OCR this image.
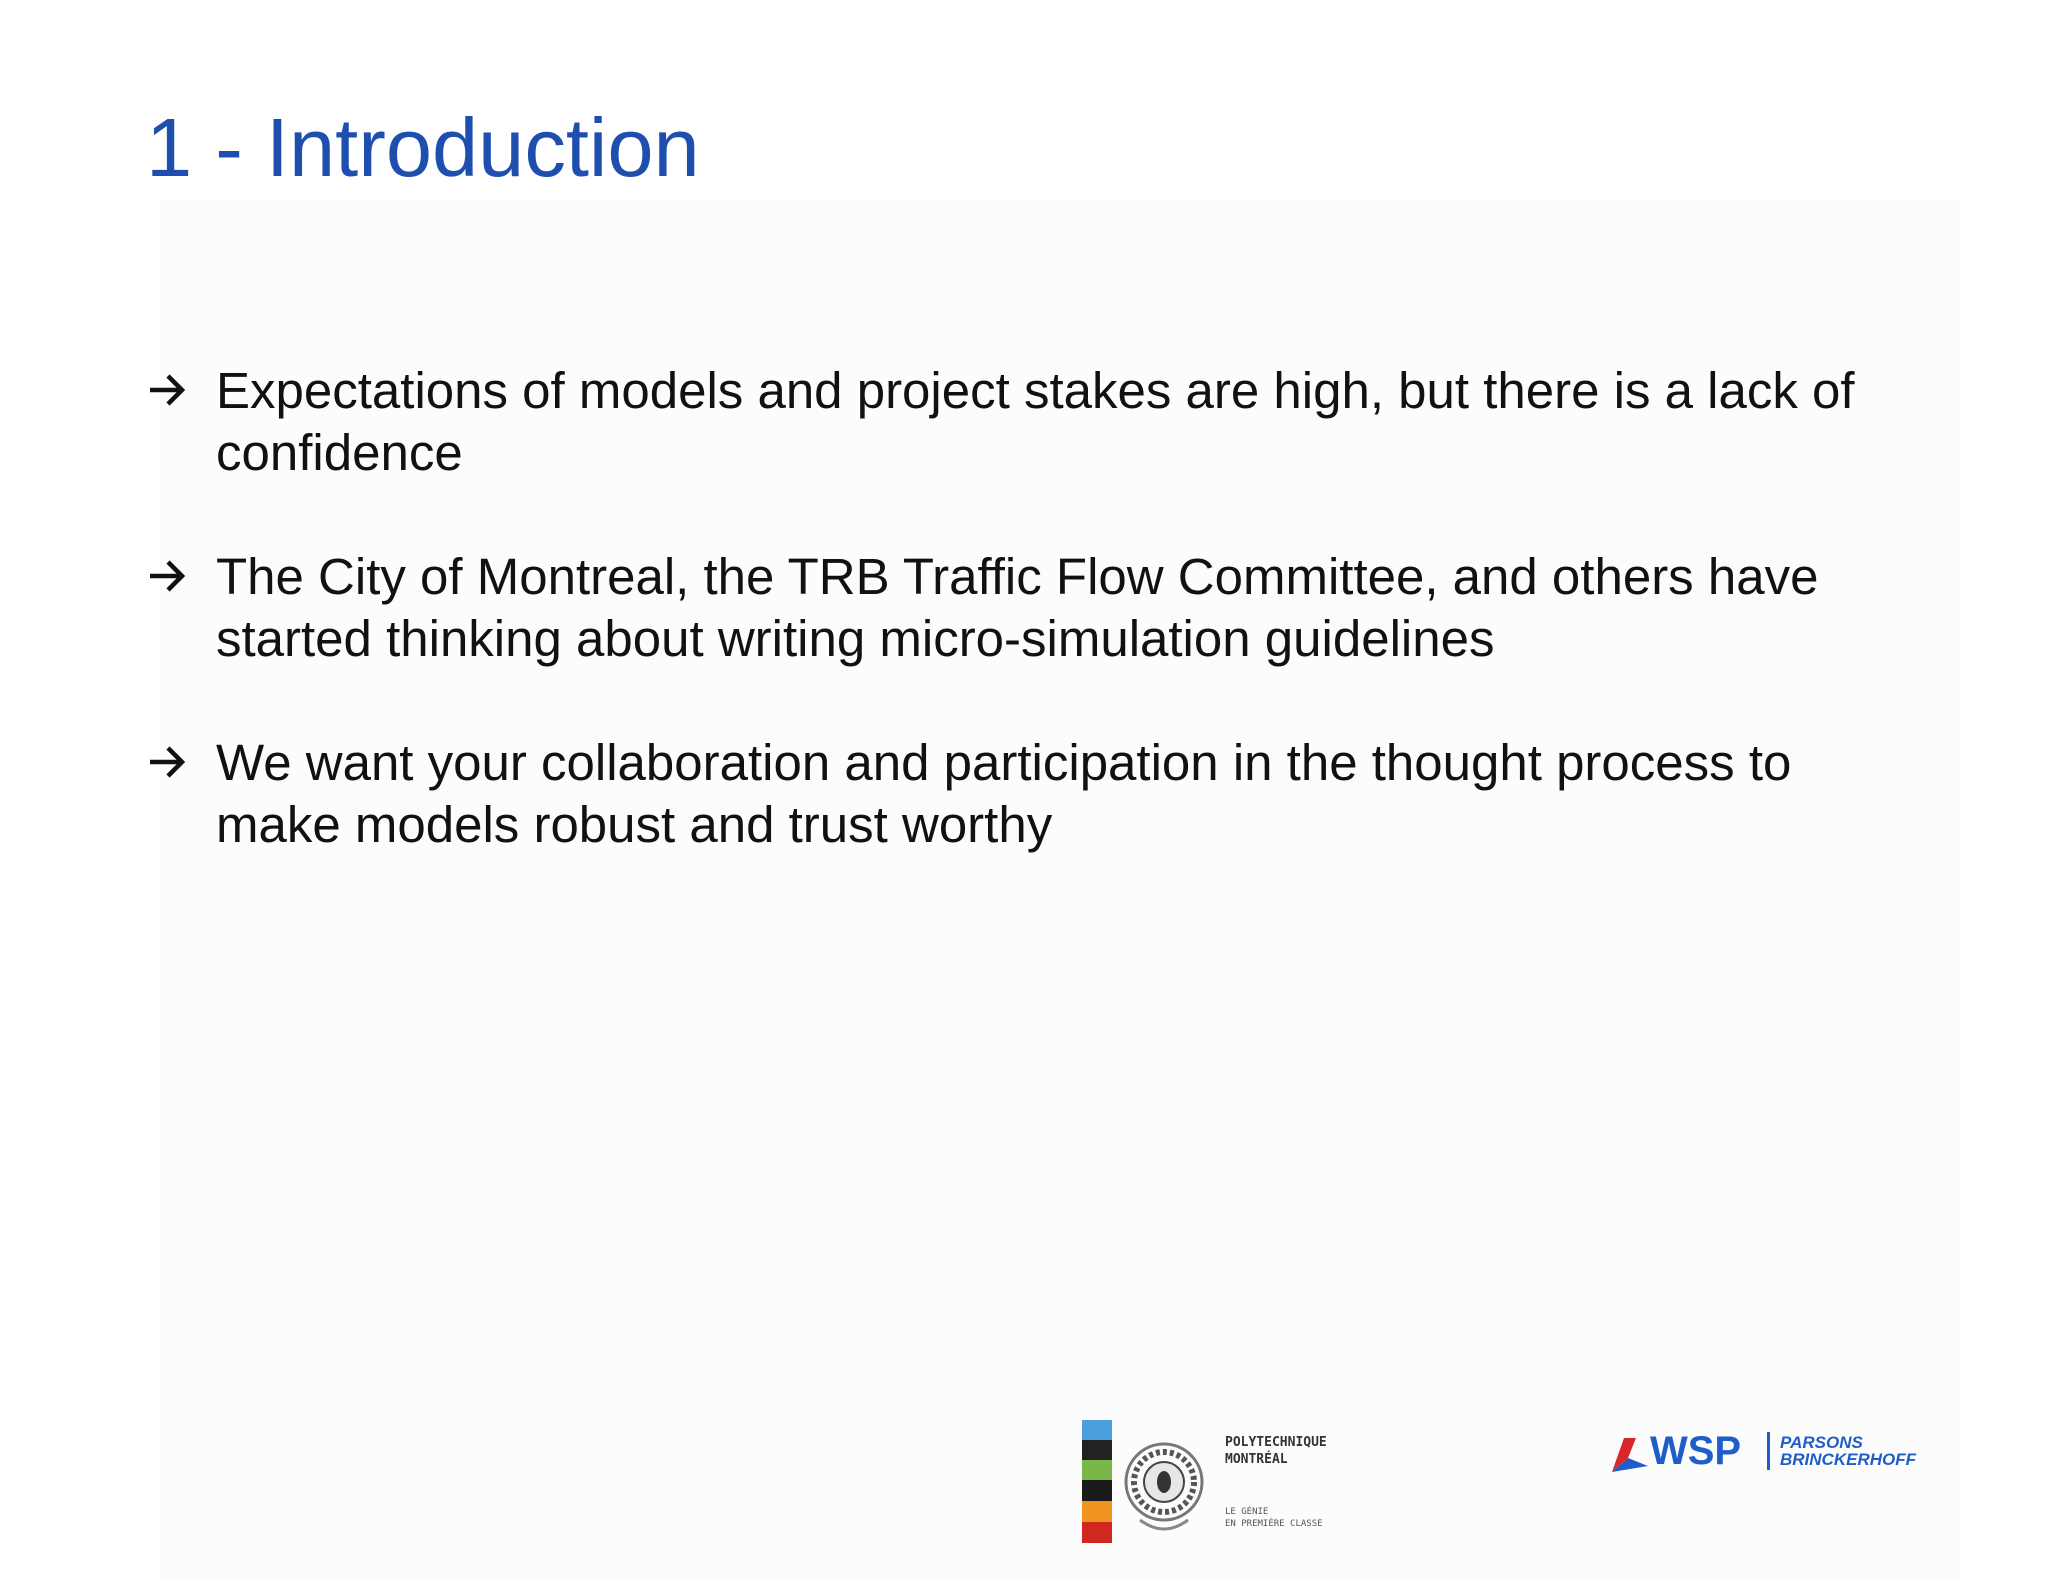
1 - Introduction
Expectations of models and project stakes are high, but there is a lack of confidence
The City of Montreal, the TRB Traffic Flow Committee, and others have started thinking about writing micro-simulation guidelines
We want your collaboration and participation in the thought process to make models robust and trust worthy
POLYTECHNIQUE
MONTRÉAL
LE GÉNIE
EN PREMIÈRE CLASSE
WSP PARSONS
BRINCKERHOFF
